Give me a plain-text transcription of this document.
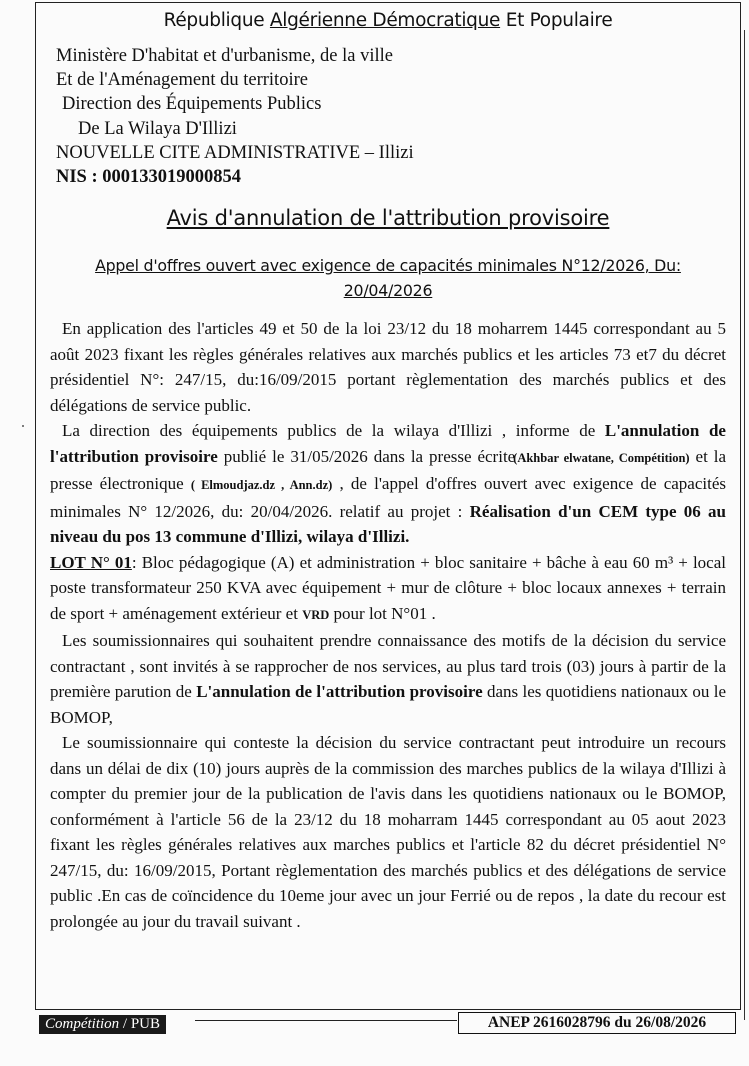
République Algérienne Démocratique Et Populaire
Ministère D'habitat et d'urbanisme, de la ville
Et de l'Aménagement du territoire
Direction des Équipements Publics
De La Wilaya D'Illizi
NOUVELLE CITE ADMINISTRATIVE – Illizi
NIS : 000133019000854
Avis d'annulation de l'attribution provisoire
Appel d'offres ouvert avec exigence de capacités minimales N°12/2026, Du:
20/04/2026

En application des l'articles 49 et 50 de la loi 23/12 du 18 moharrem 1445 correspondant au 5 août 2023 fixant les règles générales relatives aux marchés publics et les articles 73 et7 du décret présidentiel N°: 247/15, du:16/09/2015 portant règlementation des marchés publics et des délégations de service public.

La direction des équipements publics de la wilaya d'Illizi , informe de L'annulation de l'attribution provisoire publié le 31/05/2026 dans la presse écrite (Akhbar elwatane, Compétition) et la presse électronique ( Elmoudjaz.dz , Ann.dz) , de l'appel d'offres ouvert avec exigence de capacités minimales N° 12/2026, du: 20/04/2026. relatif au projet : Réalisation d'un CEM type 06 au niveau du pos 13 commune d'Illizi, wilaya d'Illizi.
LOT N° 01: Bloc pédagogique (A) et administration + bloc sanitaire + bâche à eau 60 m³ + local poste transformateur 250 KVA avec équipement + mur de clôture + bloc locaux annexes + terrain de sport + aménagement extérieur et VRD pour lot N°01 .

Les soumissionnaires qui souhaitent prendre connaissance des motifs de la décision du service contractant , sont invités à se rapprocher de nos services, au plus tard trois (03) jours à partir de la première parution de L'annulation de l'attribution provisoire dans les quotidiens nationaux ou le BOMOP,

Le soumissionnaire qui conteste la décision du service contractant peut introduire un recours dans un délai de dix (10) jours auprès de la commission des marches publics de la wilaya d'Illizi à compter du premier jour de la publication de l'avis dans les quotidiens nationaux ou le BOMOP, conformément à l'article 56 de la 23/12 du 18 moharram 1445 correspondant au 05 aout 2023 fixant les règles générales relatives aux marches publics et l'article 82 du décret présidentiel N° 247/15, du: 16/09/2015, Portant règlementation des marchés publics et des délégations de service public .En cas de coïncidence du 10eme jour avec un jour Ferrié ou de repos , la date du recour est prolongée au jour du travail suivant .

Compétition / PUB	ANEP 2616028796 du 26/08/2026
